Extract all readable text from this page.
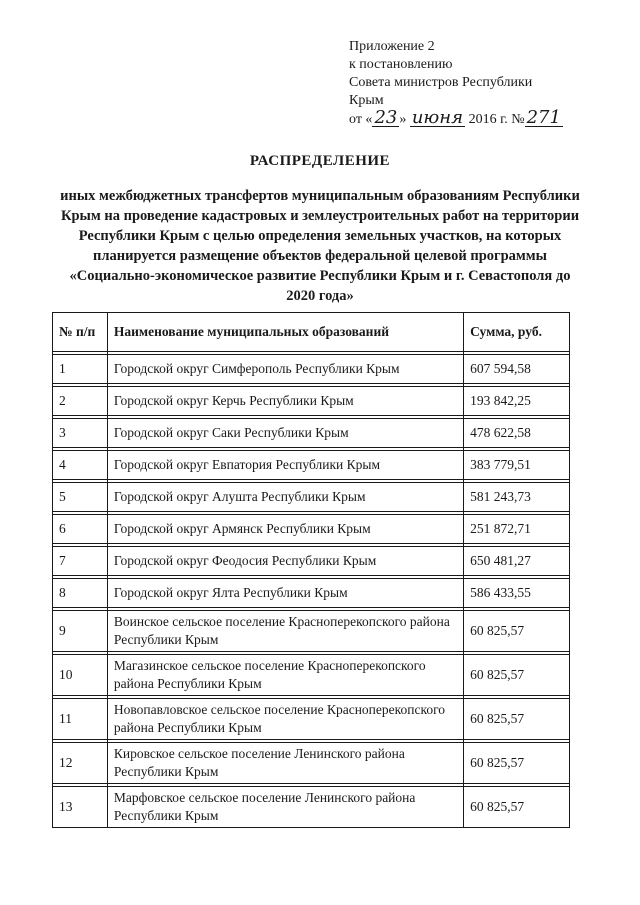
Приложение 2
к постановлению
Совета министров Республики
Крым
от « 23 » июня 2016 г. № 271
РАСПРЕДЕЛЕНИЕ
иных межбюджетных трансфертов муниципальным образованиям Республики Крым на проведение кадастровых и землеустроительных работ на территории Республики Крым с целью определения земельных участков, на которых планируется размещение объектов федеральной целевой программы «Социально-экономическое развитие Республики Крым и г. Севастополя до 2020 года»
№ п/п	Наименование муниципальных образований	Сумма, руб.

1	Городской округ Симферополь Республики Крым	607 594,58

2	Городской округ Керчь Республики Крым	193 842,25

3	Городской округ Саки Республики Крым	478 622,58

4	Городской округ Евпатория Республики Крым	383 779,51

5	Городской округ Алушта Республики Крым	581 243,73

6	Городской округ Армянск Республики Крым	251 872,71

7	Городской округ Феодосия Республики Крым	650 481,27

8	Городской округ Ялта Республики Крым	586 433,55

9	Воинское сельское поселение Красноперекопского района Республики Крым	60 825,57

10	Магазинское сельское поселение Красноперекопского района Республики Крым	60 825,57

11	Новопавловское сельское поселение Красноперекопского района Республики Крым	60 825,57

12	Кировское сельское поселение Ленинского района Республики Крым	60 825,57

13	Марфовское сельское поселение Ленинского района Республики Крым	60 825,57
